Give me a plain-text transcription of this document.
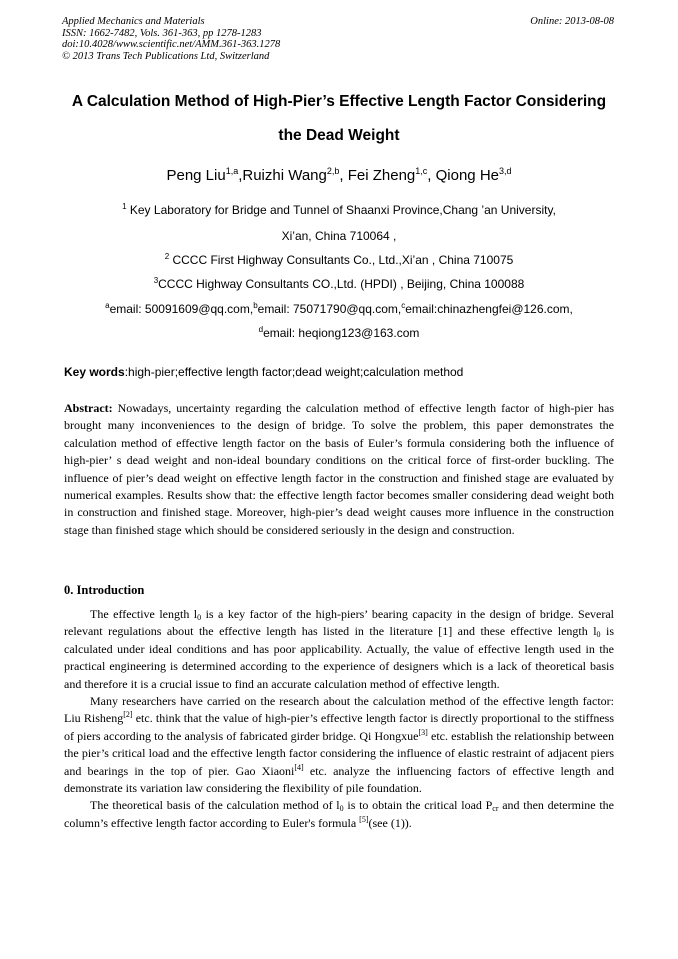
Applied Mechanics and Materials
ISSN: 1662-7482, Vols. 361-363, pp 1278-1283
doi:10.4028/www.scientific.net/AMM.361-363.1278
© 2013 Trans Tech Publications Ltd, Switzerland
Online: 2013-08-08
A Calculation Method of High-Pier’s Effective Length Factor Considering
the Dead Weight
Peng Liu$^{1,a}$,Ruizhi Wang$^{2,b}$, Fei Zheng$^{1,c}$, Qiong He$^{3,d}$
$^1$ Key Laboratory for Bridge and Tunnel of Shaanxi Province,Chang ’an University,
Xi’an, China 710064 ,
$^2$ CCCC First Highway Consultants Co., Ltd.,Xi’an , China 710075
$^3$CCCC Highway Consultants CO.,Ltd. (HPDI) , Beijing, China 100088
$^a$email: 50091609@qq.com,$^b$email: 75071790@qq.com,$^c$email:chinazhengfei@126.com,
$^d$email: heqiong123@163.com
Key words:high-pier;effective length factor;dead weight;calculation method

Abstract: Nowadays, uncertainty regarding the calculation method of effective length factor of high-pier has brought many inconveniences to the design of bridge. To solve the problem, this paper demonstrates the calculation method of effective length factor on the basis of Euler’s formula considering both the influence of high-pier’ s dead weight and non-ideal boundary conditions on the critical force of first-order buckling. The influence of pier’s dead weight on effective length factor in the construction and finished stage are evaluated by numerical examples. Results show that: the effective length factor becomes smaller considering dead weight both in construction and finished stage. Moreover, high-pier’s dead weight causes more influence in the construction stage than finished stage which should be considered seriously in the design and construction.

0. Introduction

The effective length $l_0$ is a key factor of the high-piers’ bearing capacity in the design of bridge. Several relevant regulations about the effective length has listed in the literature [1] and these effective length $l_0$ is calculated under ideal conditions and has poor applicability. Actually, the value of effective length used in the practical engineering is determined according to the experience of designers which is a lack of theoretical basis and therefore it is a crucial issue to find an accurate calculation method of effective length.

Many researchers have carried on the research about the calculation method of the effective length factor: Liu Risheng[2] etc. think that the value of high-pier’s effective length factor is directly proportional to the stiffness of piers according to the analysis of fabricated girder bridge. Qi Hongxue[3] etc. establish the relationship between the pier’s critical load and the effective length factor considering the influence of elastic restraint of adjacent piers and bearings in the top of pier. Gao Xiaoni[4] etc. analyze the influencing factors of effective length and demonstrate its variation law considering the flexibility of pile foundation.

The theoretical basis of the calculation method of $l_0$ is to obtain the critical load $P_{cr}$ and then determine the column’s effective length factor according to Euler's formula [5](see (1)).
